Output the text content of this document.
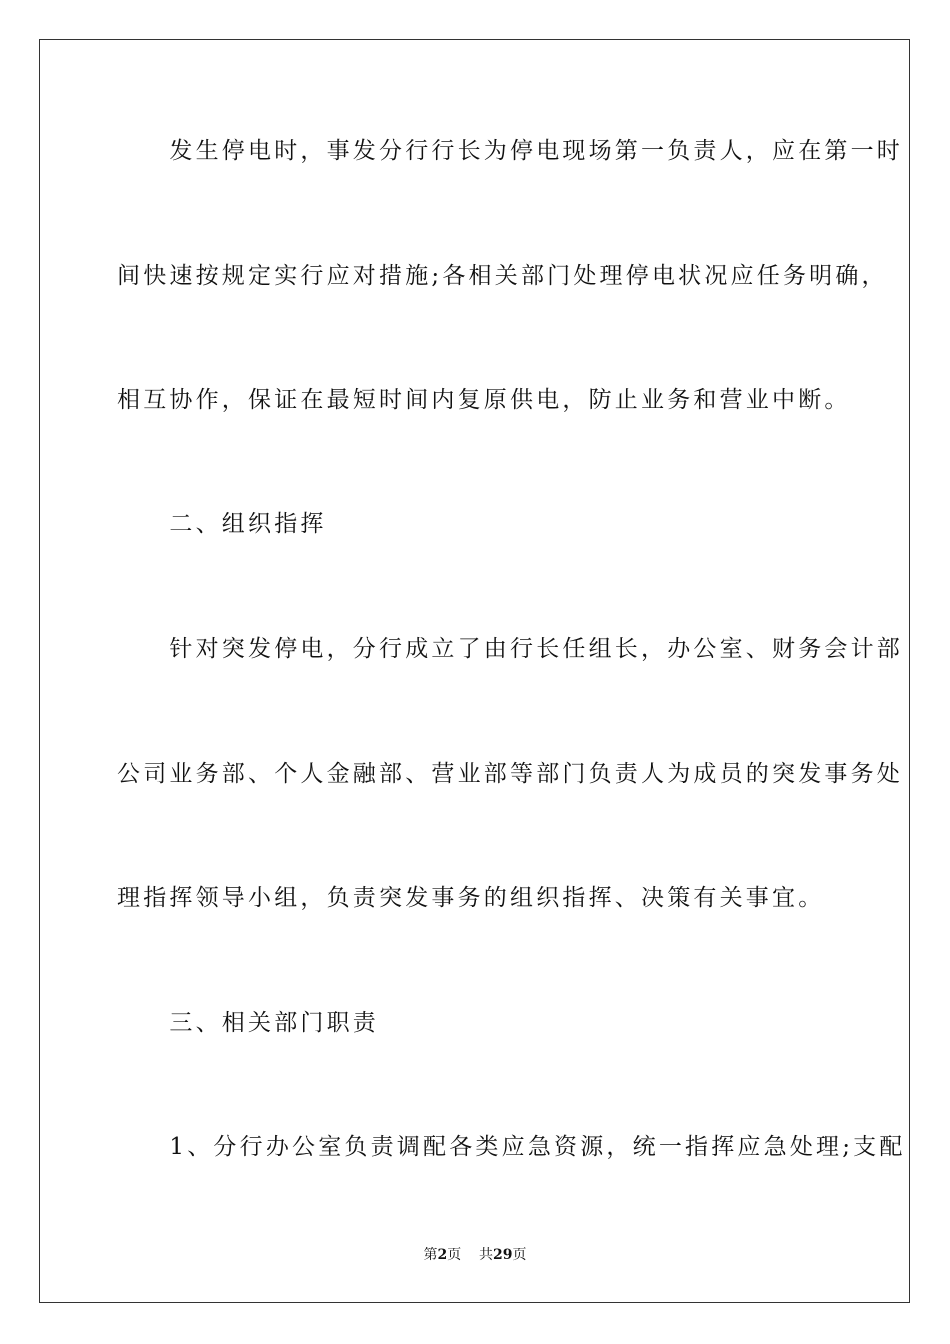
　　发生停电时，事发分行行长为停电现场第一负责人，应在第一时
间快速按规定实行应对措施;各相关部门处理停电状况应任务明确，
相互协作，保证在最短时间内复原供电，防止业务和营业中断。
　　二、组织指挥
　　针对突发停电，分行成立了由行长任组长，办公室、财务会计部
公司业务部、个人金融部、营业部等部门负责人为成员的突发事务处
理指挥领导小组，负责突发事务的组织指挥、决策有关事宜。
　　三、相关部门职责
　　1、分行办公室负责调配各类应急资源，统一指挥应急处理;支配
第2页 共29页
